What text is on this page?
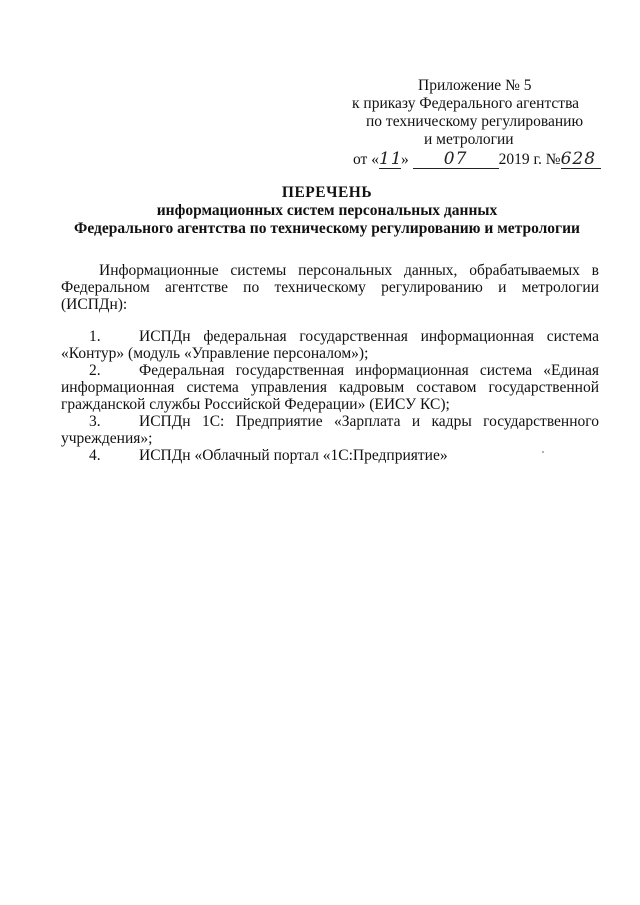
Приложение № 5
к приказу Федерального агентства
по техническому регулированию
и метрологии
от «11» 07 2019 г. №628
ПЕРЕЧЕНЬ
информационных систем персональных данных
Федерального агентства по техническому регулированию и метрологии

Информационные системы персональных данных, обрабатываемых в Федеральном агентстве по техническому регулированию и метрологии (ИСПДн):

1. ИСПДн федеральная государственная информационная система «Контур» (модуль «Управление персоналом»);

2. Федеральная государственная информационная система «Единая информационная система управления кадровым составом государственной гражданской службы Российской Федерации» (ЕИСУ КС);

3. ИСПДн 1С: Предприятие «Зарплата и кадры государственного учреждения»;

4. ИСПДн «Облачный портал «1С:Предприятие»
